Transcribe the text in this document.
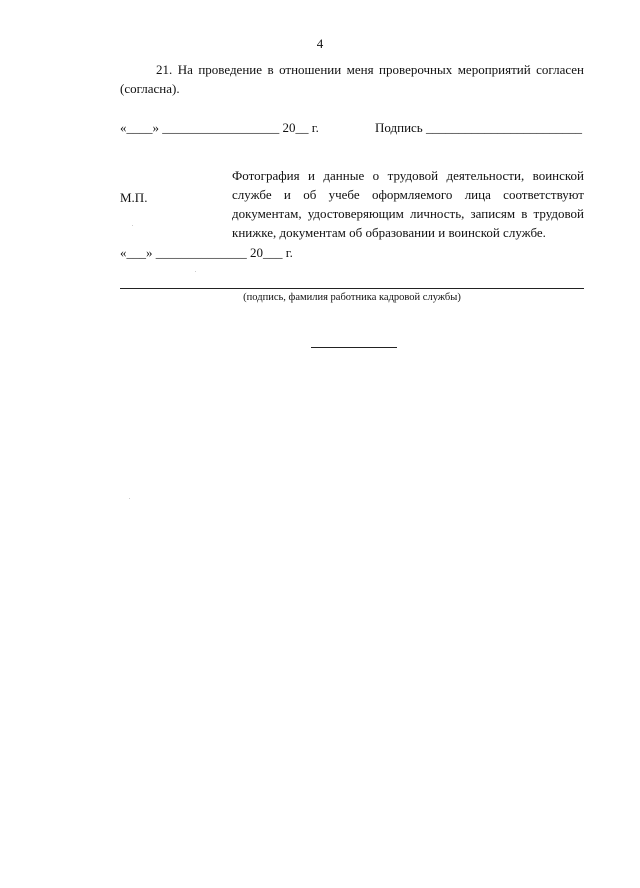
4
21. На проведение в отношении меня проверочных мероприятий согласен (согласна).
«____» __________________ 20__ г.	Подпись ________________________
М.П.
Фотография и данные о трудовой деятельности, воинской службе и об учебе оформляемого лица соответствуют документам, удостоверяющим личность, записям в трудовой книжке, документам об образовании и воинской службе.
«___» ______________ 20___ г.
(подпись, фамилия работника кадровой службы)
